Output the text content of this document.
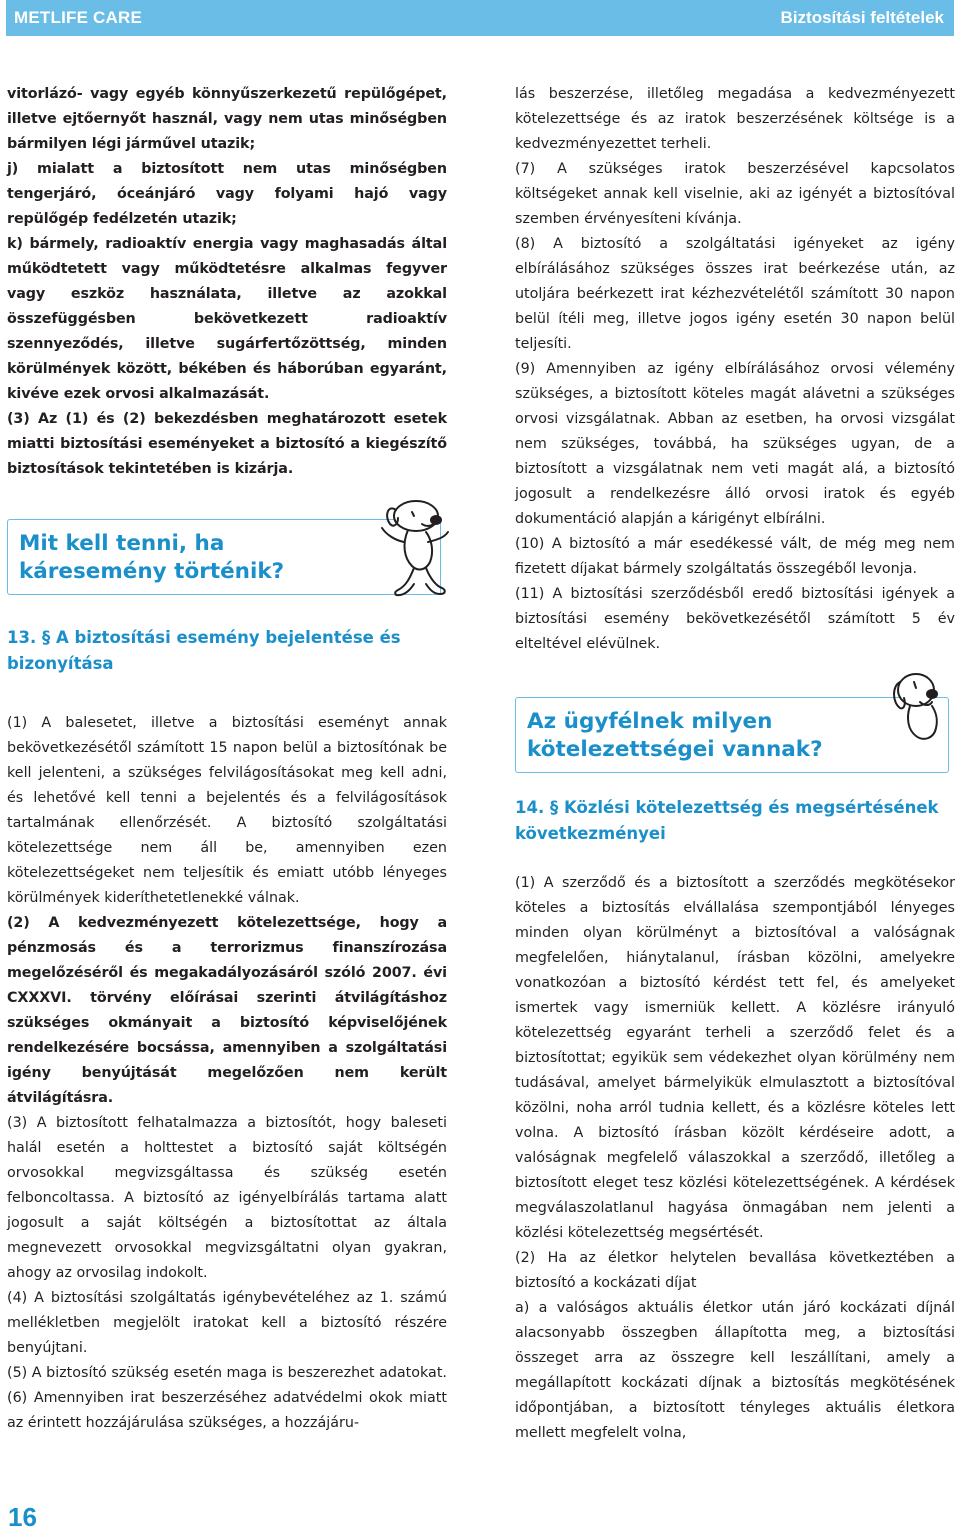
METLIFE CARE	Biztosítási feltételek

vitorlázó- vagy egyéb könnyűszerkezetű repülőgépet, illetve ejtőernyőt használ, vagy nem utas minőségben bármilyen légi járművel utazik;

j) mialatt a biztosított nem utas minőségben tengerjáró, óceánjáró vagy folyami hajó vagy repülőgép fedélzetén utazik;

k) bármely, radioaktív energia vagy maghasadás által működtetett vagy működtetésre alkalmas fegyver vagy eszköz használata, illetve az azokkal összefüggésben bekövetkezett radioaktív szennyeződés, illetve sugárfertőzöttség, minden körülmények között, békében és háborúban egyaránt, kivéve ezek orvosi alkalmazását.

(3) Az (1) és (2) bekezdésben meghatározott esetek miatti biztosítási eseményeket a biztosító a kiegészítő biztosítások tekintetében is kizárja.

Mit kell tenni, ha
káresemény történik?
13. § A biztosítási esemény bejelentése és bizonyítása

(1) A balesetet, illetve a biztosítási eseményt annak bekövetkezésétől számított 15 napon belül a biztosítónak be kell jelenteni, a szükséges felvilágosításokat meg kell adni, és lehetővé kell tenni a bejelentés és a felvilágosítások tartalmának ellenőrzését. A biztosító szolgáltatási kötelezettsége nem áll be, amennyiben ezen kötelezettségeket nem teljesítik és emiatt utóbb lényeges körülmények kideríthetetlenekké válnak.

(2) A kedvezményezett kötelezettsége, hogy a pénzmosás és a terrorizmus finanszírozása megelőzéséről és megakadályozásáról szóló 2007. évi CXXXVI. törvény előírásai szerinti átvilágításhoz szükséges okmányait a biztosító képviselőjének rendelkezésére bocsássa, amennyiben a szolgáltatási igény benyújtását megelőzően nem került átvilágításra.

(3) A biztosított felhatalmazza a biztosítót, hogy baleseti halál esetén a holttestet a biztosító saját költségén orvosokkal megvizsgáltassa és szükség esetén felboncoltassa. A biztosító az igényelbírálás tartama alatt jogosult a saját költségén a biztosítottat az általa megnevezett orvosokkal megvizsgáltatni olyan gyakran, ahogy az orvosilag indokolt.

(4) A biztosítási szolgáltatás igénybevételéhez az 1. számú mellékletben megjelölt iratokat kell a biztosító részére benyújtani.

(5) A biztosító szükség esetén maga is beszerezhet adatokat.

(6) Amennyiben irat beszerzéséhez adatvédelmi okok miatt az érintett hozzájárulása szükséges, a hozzájáru-

lás beszerzése, illetőleg megadása a kedvezményezett kötelezettsége és az iratok beszerzésének költsége is a kedvezményezettet terheli.

(7) A szükséges iratok beszerzésével kapcsolatos költségeket annak kell viselnie, aki az igényét a biztosítóval szemben érvényesíteni kívánja.

(8) A biztosító a szolgáltatási igényeket az igény elbírálásához szükséges összes irat beérkezése után, az utoljára beérkezett irat kézhezvételétől számított 30 napon belül ítéli meg, illetve jogos igény esetén 30 napon belül teljesíti.

(9) Amennyiben az igény elbírálásához orvosi vélemény szükséges, a biztosított köteles magát alávetni a szükséges orvosi vizsgálatnak. Abban az esetben, ha orvosi vizsgálat nem szükséges, továbbá, ha szükséges ugyan, de a biztosított a vizsgálatnak nem veti magát alá, a biztosító jogosult a rendelkezésre álló orvosi iratok és egyéb dokumentáció alapján a kárigényt elbírálni.

(10) A biztosító a már esedékessé vált, de még meg nem fizetett díjakat bármely szolgáltatás összegéből levonja.

(11) A biztosítási szerződésből eredő biztosítási igények a biztosítási esemény bekövetkezésétől számított 5 év elteltével elévülnek.

Az ügyfélnek milyen
kötelezettségei vannak?
14. § Közlési kötelezettség és megsértésének következményei

(1) A szerződő és a biztosított a szerződés megkötésekor köteles a biztosítás elvállalása szempontjából lényeges minden olyan körülményt a biztosítóval a valóságnak megfelelően, hiánytalanul, írásban közölni, amelyekre vonatkozóan a biztosító kérdést tett fel, és amelyeket ismertek vagy ismerniük kellett. A közlésre irányuló kötelezettség egyaránt terheli a szerződő felet és a biztosítottat; egyikük sem védekezhet olyan körülmény nem tudásával, amelyet bármelyikük elmulasztott a biztosítóval közölni, noha arról tudnia kellett, és a közlésre köteles lett volna. A biztosító írásban közölt kérdéseire adott, a valóságnak megfelelő válaszokkal a szerződő, illetőleg a biztosított eleget tesz közlési kötelezettségének. A kérdések megválaszolatlanul hagyása önmagában nem jelenti a közlési kötelezettség megsértését.

(2) Ha az életkor helytelen bevallása következtében a biztosító a kockázati díjat

a) a valóságos aktuális életkor után járó kockázati díjnál alacsonyabb összegben állapította meg, a biztosítási összeget arra az összegre kell leszállítani, amely a megállapított kockázati díjnak a biztosítás megkötésének időpontjában, a biztosított tényleges aktuális életkora mellett megfelelt volna,

16
